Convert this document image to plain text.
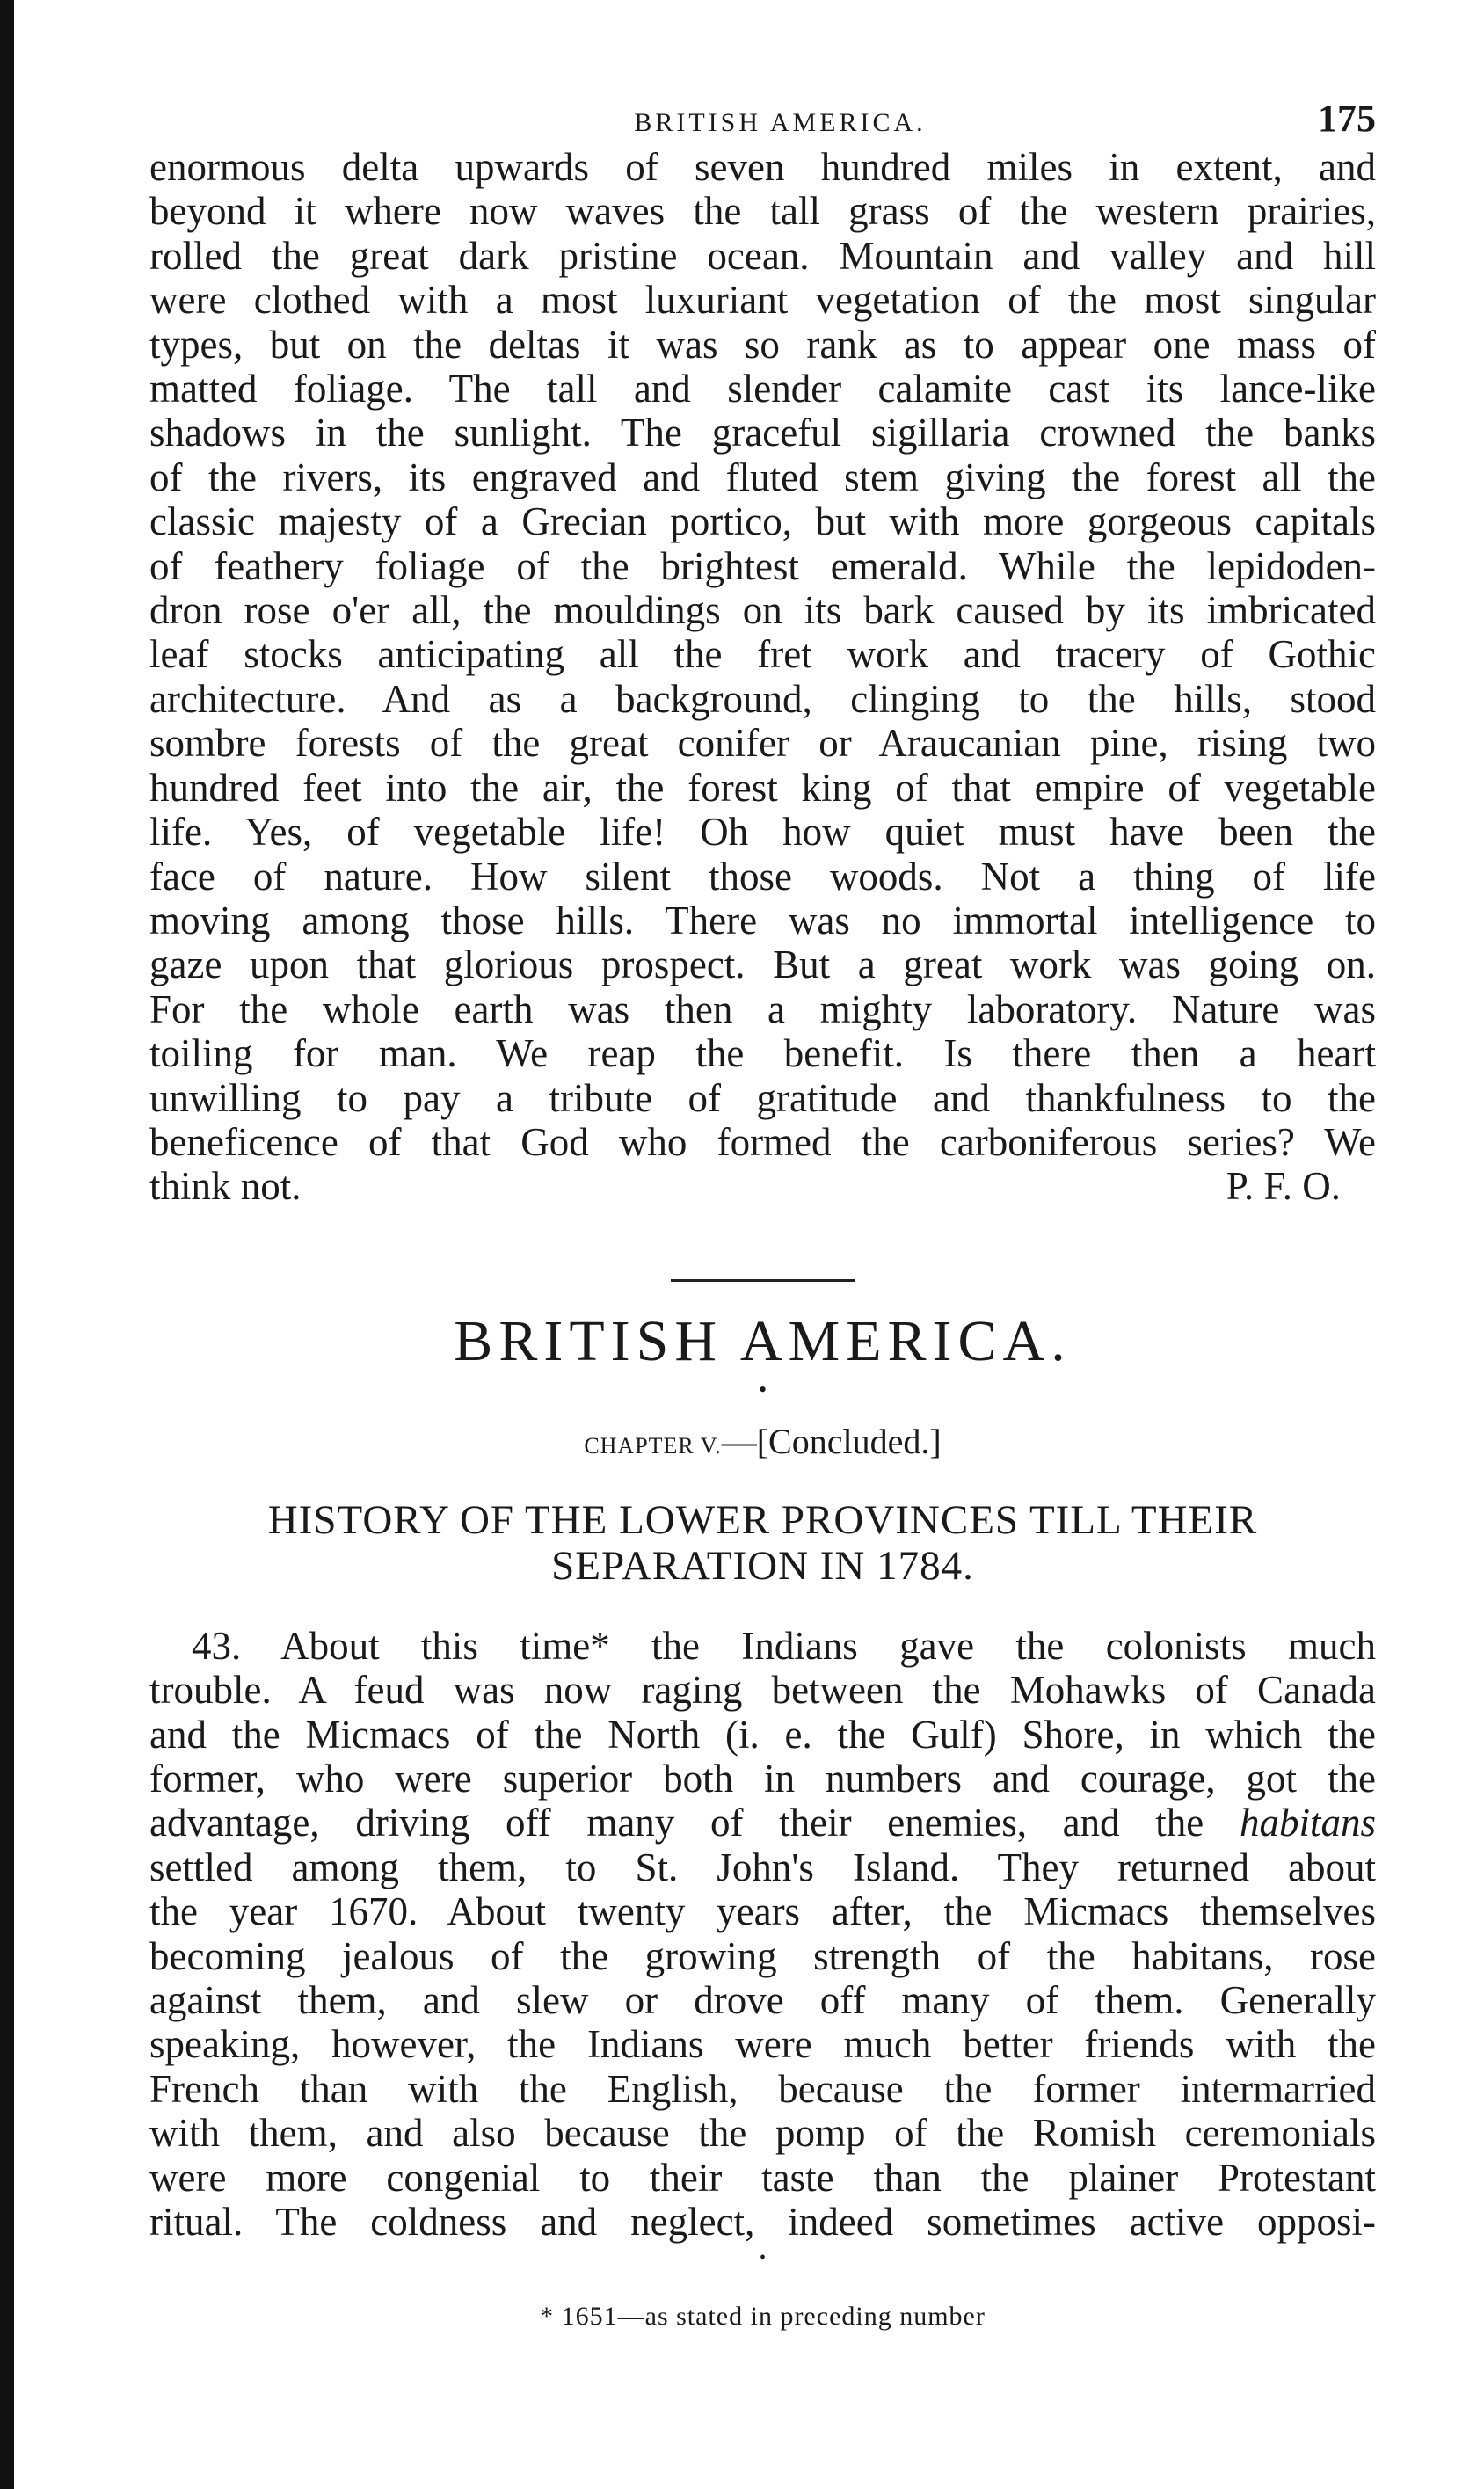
BRITISH AMERICA.	175
enormous delta upwards of seven hundred miles in extent, and
beyond it where now waves the tall grass of the western prairies,
rolled the great dark pristine ocean. Mountain and valley and hill
were clothed with a most luxuriant vegetation of the most singular
types, but on the deltas it was so rank as to appear one mass of
matted foliage. The tall and slender calamite cast its lance-like
shadows in the sunlight. The graceful sigillaria crowned the banks
of the rivers, its engraved and fluted stem giving the forest all the
classic majesty of a Grecian portico, but with more gorgeous capitals
of feathery foliage of the brightest emerald. While the lepidoden-
dron rose o'er all, the mouldings on its bark caused by its imbricated
leaf stocks anticipating all the fret work and tracery of Gothic
architecture. And as a background, clinging to the hills, stood
sombre forests of the great conifer or Araucanian pine, rising two
hundred feet into the air, the forest king of that empire of vegetable
life. Yes, of vegetable life! Oh how quiet must have been the
face of nature. How silent those woods. Not a thing of life
moving among those hills. There was no immortal intelligence to
gaze upon that glorious prospect. But a great work was going on.
For the whole earth was then a mighty laboratory. Nature was
toiling for man. We reap the benefit. Is there then a heart
unwilling to pay a tribute of gratitude and thankfulness to the
beneficence of that God who formed the carboniferous series? We
think not.	P. F. O.
BRITISH AMERICA.
•
CHAPTER V.—[Concluded.]
HISTORY OF THE LOWER PROVINCES TILL THEIR
SEPARATION IN 1784.
43. About this time* the Indians gave the colonists much
trouble. A feud was now raging between the Mohawks of Canada
and the Micmacs of the North (i. e. the Gulf) Shore, in which the
former, who were superior both in numbers and courage, got the
advantage, driving off many of their enemies, and the habitans
settled among them, to St. John's Island. They returned about
the year 1670. About twenty years after, the Micmacs themselves
becoming jealous of the growing strength of the habitans, rose
against them, and slew or drove off many of them. Generally
speaking, however, the Indians were much better friends with the
French than with the English, because the former intermarried
with them, and also because the pomp of the Romish ceremonials
were more congenial to their taste than the plainer Protestant
ritual. The coldness and neglect, indeed sometimes active opposi-
•
* 1651—as stated in preceding number
